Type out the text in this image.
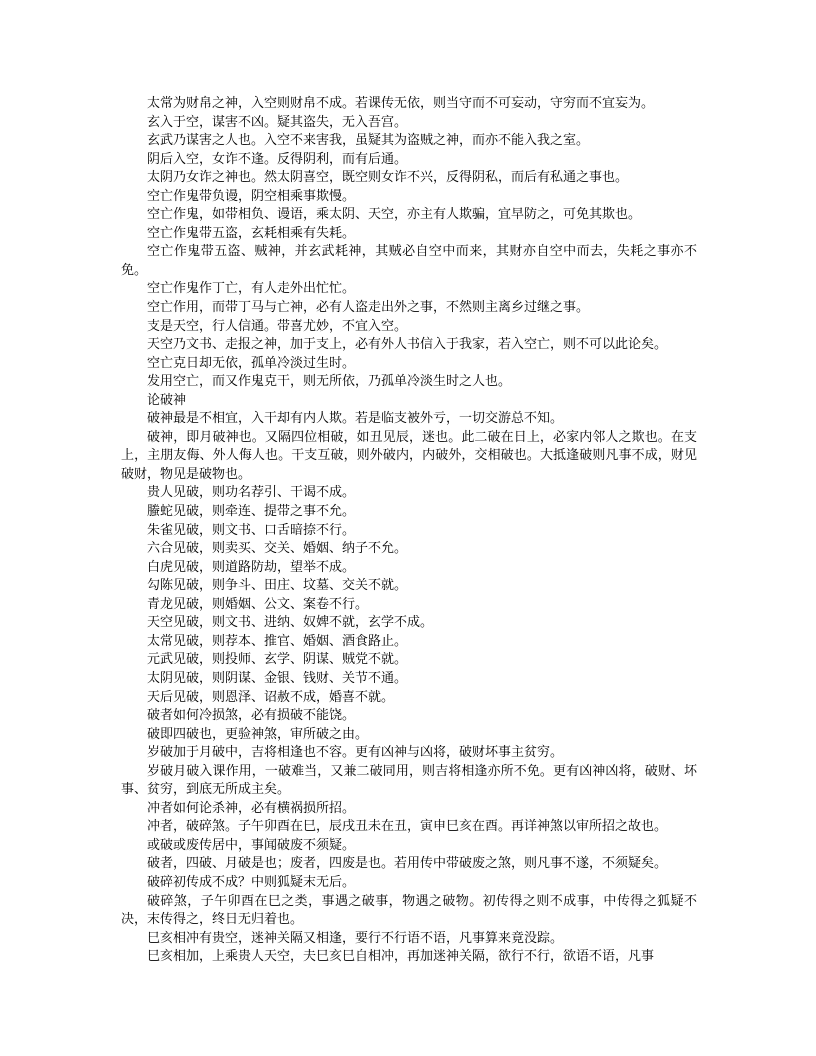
太常为财帛之神，入空则财帛不成。若课传无依，则当守而不可妄动，守穷而不宜妄为。

玄入于空，谋害不凶。疑其盗失，无入吾宫。

玄武乃谋害之人也。入空不来害我，虽疑其为盗贼之神，而亦不能入我之室。

阴后入空，女诈不逢。反得阴利，而有后通。

太阴乃女诈之神也。然太阴喜空，既空则女诈不兴，反得阴私，而后有私通之事也。

空亡作鬼带负谩，阴空相乘事欺慢。

空亡作鬼，如带相负、谩语，乘太阴、天空，亦主有人欺骗，宜早防之，可免其欺也。

空亡作鬼带五盗，玄耗相乘有失耗。

空亡作鬼带五盗、贼神，并玄武耗神，其贼必自空中而来，其财亦自空中而去，失耗之事亦不免。

空亡作鬼作丁亡，有人走外出忙忙。

空亡作用，而带丁马与亡神，必有人盗走出外之事，不然则主离乡过继之事。

支是天空，行人信通。带喜尤妙，不宜入空。

天空乃文书、走报之神，加于支上，必有外人书信入于我家，若入空亡，则不可以此论矣。

空亡克日却无依，孤单冷淡过生时。

发用空亡，而又作鬼克干，则无所依，乃孤单冷淡生时之人也。

论破神

破神最是不相宜，入干却有内人欺。若是临支被外亏，一切交游总不知。

破神，即月破神也。又隔四位相破，如丑见辰，迷也。此二破在日上，必家内邻人之欺也。在支上，主朋友侮、外人侮人也。干支互破，则外破内，内破外，交相破也。大抵逢破则凡事不成，财见破财，物见是破物也。

贵人见破，则功名荐引、干谒不成。

螣蛇见破，则牵连、提带之事不允。

朱雀见破，则文书、口舌暗捺不行。

六合见破，则卖买、交关、婚姻、纳子不允。

白虎见破，则道路防劫，望举不成。

勾陈见破，则争斗、田庄、坟墓、交关不就。

青龙见破，则婚姻、公文、案卷不行。

天空见破，则文书、进纳、奴婢不就，玄学不成。

太常见破，则荐本、推官、婚姻、酒食路止。

元武见破，则投师、玄学、阴谋、贼党不就。

太阴见破，则阴谋、金银、钱财、关节不通。

天后见破，则恩泽、诏赦不成，婚喜不就。

破者如何冷损煞，必有损破不能饶。

破即四破也，更验神煞，审所破之由。

岁破加于月破中，吉将相逢也不容。更有凶神与凶将，破财坏事主贫穷。

岁破月破入课作用，一破难当，又兼二破同用，则吉将相逢亦所不免。更有凶神凶将，破财、坏事、贫穷，到底无所成主矣。

冲者如何论杀神，必有横祸损所招。

冲者，破碎煞。子午卯酉在巳，辰戌丑未在丑，寅申巳亥在酉。再详神煞以审所招之故也。

或破或废传居中，事闻破废不须疑。

破者，四破、月破是也；废者，四废是也。若用传中带破废之煞，则凡事不遂，不须疑矣。

破碎初传成不成？中则狐疑末无后。

破碎煞，子午卯酉在巳之类，事遇之破事，物遇之破物。初传得之则不成事，中传得之狐疑不决，末传得之，终日无归着也。

巳亥相冲有贵空，迷神关隔又相逢，要行不行语不语，凡事算来竟没踪。

巳亥相加，上乘贵人天空，夫巳亥巳自相冲，再加迷神关隔，欲行不行，欲语不语，凡事
